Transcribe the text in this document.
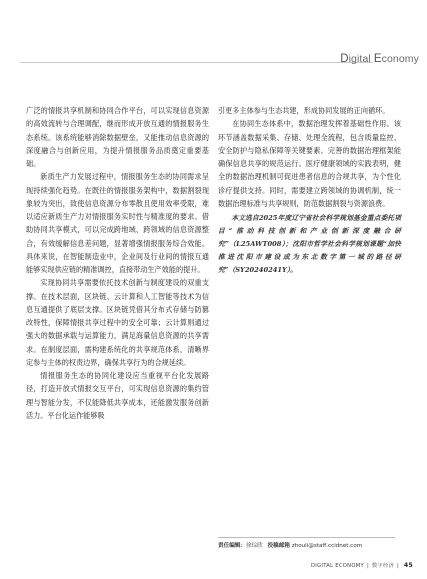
Digital Economy

广泛的情报共享机制和协同合作平台，可以实现信息资源的高效流转与合理调配，继而形成开放互通的情报服务生态系统。该系统能够消除数据壁垒，又能推动信息资源的深度融合与创新应用，为提升情报服务品质奠定重要基础。

新质生产力发展过程中，情报服务生态的协同需求呈现持续强化趋势。在既往的情报服务架构中，数据割裂现象较为突出，致使信息资源分布零散且使用效率受限，难以适应新质生产力对情报服务实时性与精准度的要求。借助协同共享模式，可以完成跨地域、跨领域的信息资源整合，有效缓解信息差问题，显著增强情报服务综合效能。具体来说，在智能制造业中，企业间及行业间的情报互通能够实现供应链的精准调控，直接带动生产效能的提升。

实现协同共享需要依托技术创新与制度建设的双重支撑。在技术层面，区块链、云计算和人工智能等技术为信息互通提供了底层支撑。区块链凭借其分布式存储与防篡改特性，保障情报共享过程中的安全可靠；云计算则通过强大的数据承载与运算能力，满足海量信息资源的共享需求。在制度层面，需构建系统化的共享规范体系，清晰界定参与主体的权责边界，确保共享行为的合规延续。

情报服务生态的协同化建设应当重视平台化发展路径，打造开放式情报交互平台，可实现信息资源的集约管理与智能分发，不仅能降低共享成本，还能激发服务创新活力。平台化运作能够吸

引更多主体参与生态共建，形成协同发展的正向循环。

在协同生态体系中，数据治理发挥着基础性作用。该环节涵盖数据采集、存储、处理全流程，包含质量监控、安全防护与隐私保障等关键要素。完善的数据治理框架能确保信息共享的规范运行。医疗健康领域的实践表明，健全的数据治理机制可促进患者信息的合规共享，为个性化诊疗提供支持。同时，需要建立跨领域的协调机制，统一数据治理标准与共享规则，防范数据割裂与资源浪费。

本文选自2025年度辽宁省社会科学规划基金重点委托项目“推动科技创新和产业创新深度融合研究”（L25AWT008）；沈阳市哲学社会科学规划课题“加快推进沈阳市建设成为东北数字第一城的路径研究”（SY20240241Y）。

责任编辑：徐琮欣 投稿邮箱 zhouli@staff.ccidnet.com
DIGITAL ECONOMY | 数字经济 | 45
